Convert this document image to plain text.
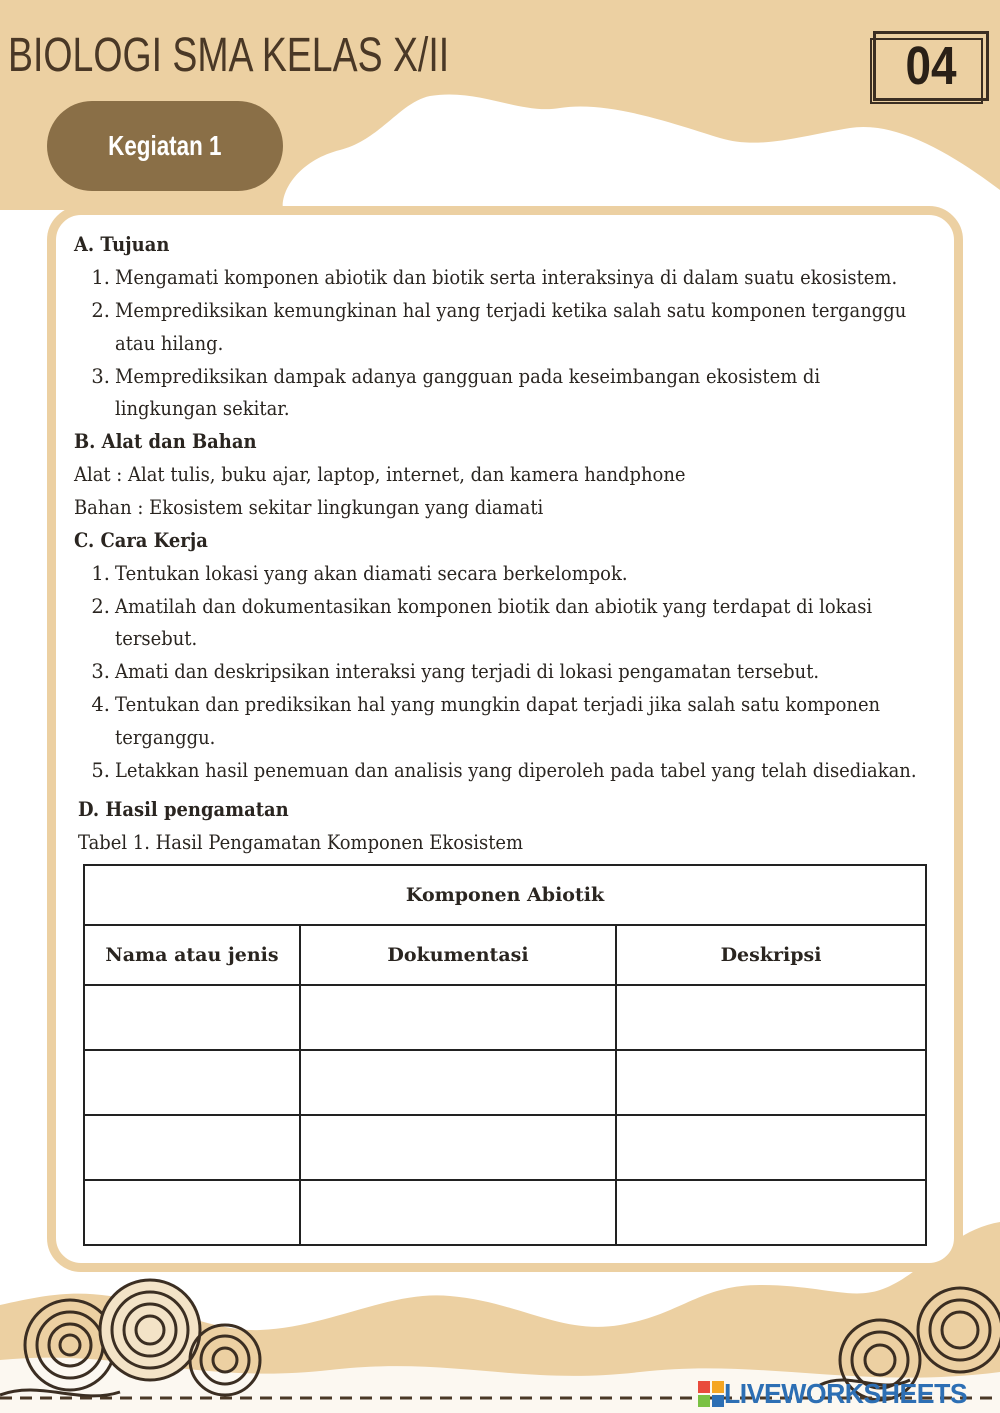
BIOLOGI SMA KELAS X/II	04
Kegiatan 1
A. Tujuan
1. Mengamati komponen abiotik dan biotik serta interaksinya di dalam suatu ekosistem.
2. Memprediksikan kemungkinan hal yang terjadi ketika salah satu komponen terganggu
atau hilang.
3. Memprediksikan dampak adanya gangguan pada keseimbangan ekosistem di
lingkungan sekitar.
B. Alat dan Bahan
Alat : Alat tulis, buku ajar, laptop, internet, dan kamera handphone
Bahan : Ekosistem sekitar lingkungan yang diamati
C. Cara Kerja
1. Tentukan lokasi yang akan diamati secara berkelompok.
2. Amatilah dan dokumentasikan komponen biotik dan abiotik yang terdapat di lokasi
tersebut.
3. Amati dan deskripsikan interaksi yang terjadi di lokasi pengamatan tersebut.
4. Tentukan dan prediksikan hal yang mungkin dapat terjadi jika salah satu komponen
terganggu.
5. Letakkan hasil penemuan dan analisis yang diperoleh pada tabel yang telah disediakan.
D. Hasil pengamatan
Tabel 1. Hasil Pengamatan Komponen Ekosistem
Komponen Abiotik		
Nama atau jenis	Dokumentasi	Deskripsi

LIVEWORKSHEETS
